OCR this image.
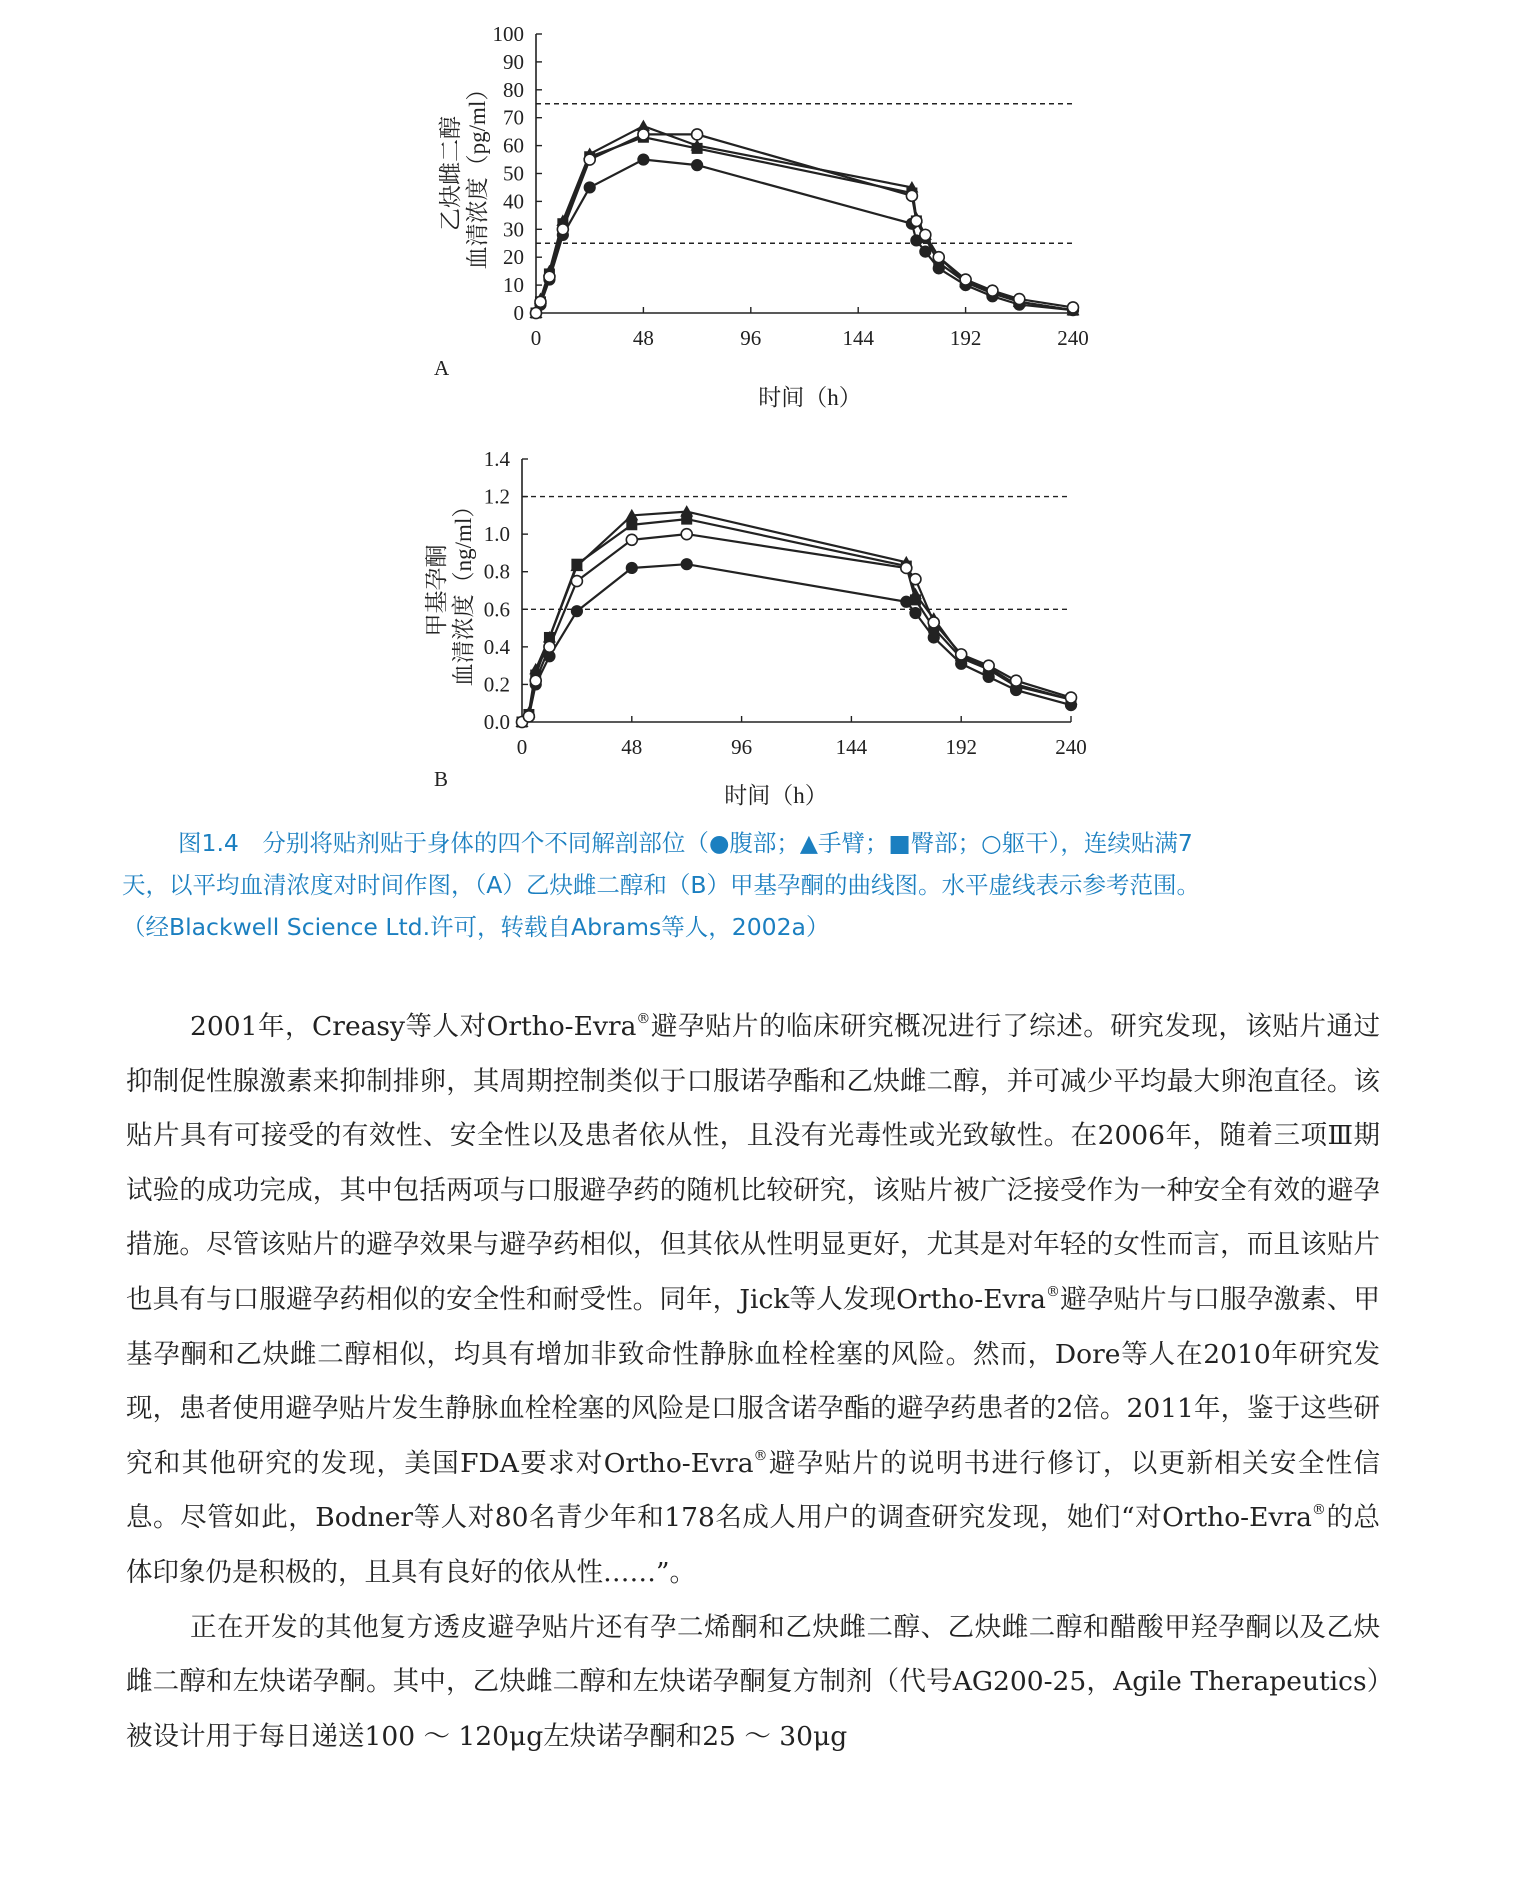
0
10
20
30
40
50
60
70
80
90
100
0	48	96	144	192	240
乙炔雌二醇 血清浓度（pg/ml）
时间（h）
A
0.0
0.2
0.4
0.6
0.8
1.0
1.2
1.4
0	48	96	144	192	240
甲基孕酮 血清浓度（ng/ml）
时间（h）
B

图1.4　分别将贴剂贴于身体的四个不同解剖部位（●腹部；▲手臂；■臀部；○躯干），连续贴满7

天，以平均血清浓度对时间作图，（A）乙炔雌二醇和（B）甲基孕酮的曲线图。水平虚线表示参考范围。

（经Blackwell Science Ltd.许可，转载自Abrams等人，2002a）

2001年，Creasy等人对Ortho-Evra®避孕贴片的临床研究概况进行了综述。研究发现，该贴片通过抑制促性腺激素来抑制排卵，其周期控制类似于口服诺孕酯和乙炔雌二醇，并可减少平均最大卵泡直径。该贴片具有可接受的有效性、安全性以及患者依从性，且没有光毒性或光致敏性。在2006年，随着三项Ⅲ期试验的成功完成，其中包括两项与口服避孕药的随机比较研究，该贴片被广泛接受作为一种安全有效的避孕措施。尽管该贴片的避孕效果与避孕药相似，但其依从性明显更好，尤其是对年轻的女性而言，而且该贴片也具有与口服避孕药相似的安全性和耐受性。同年，Jick等人发现Ortho-Evra®避孕贴片与口服孕激素、甲基孕酮和乙炔雌二醇相似，均具有增加非致命性静脉血栓栓塞的风险。然而，Dore等人在2010年研究发现，患者使用避孕贴片发生静脉血栓栓塞的风险是口服含诺孕酯的避孕药患者的2倍。2011年，鉴于这些研究和其他研究的发现，美国FDA要求对Ortho-Evra®避孕贴片的说明书进行修订，以更新相关安全性信息。尽管如此，Bodner等人对80名青少年和178名成人用户的调查研究发现，她们“对Ortho-Evra®的总体印象仍是积极的，且具有良好的依从性……”。

正在开发的其他复方透皮避孕贴片还有孕二烯酮和乙炔雌二醇、乙炔雌二醇和醋酸甲羟孕酮以及乙炔雌二醇和左炔诺孕酮。其中，乙炔雌二醇和左炔诺孕酮复方制剂（代号AG200-25，Agile Therapeutics）被设计用于每日递送100 ～ 120μg左炔诺孕酮和25 ～ 30μg
